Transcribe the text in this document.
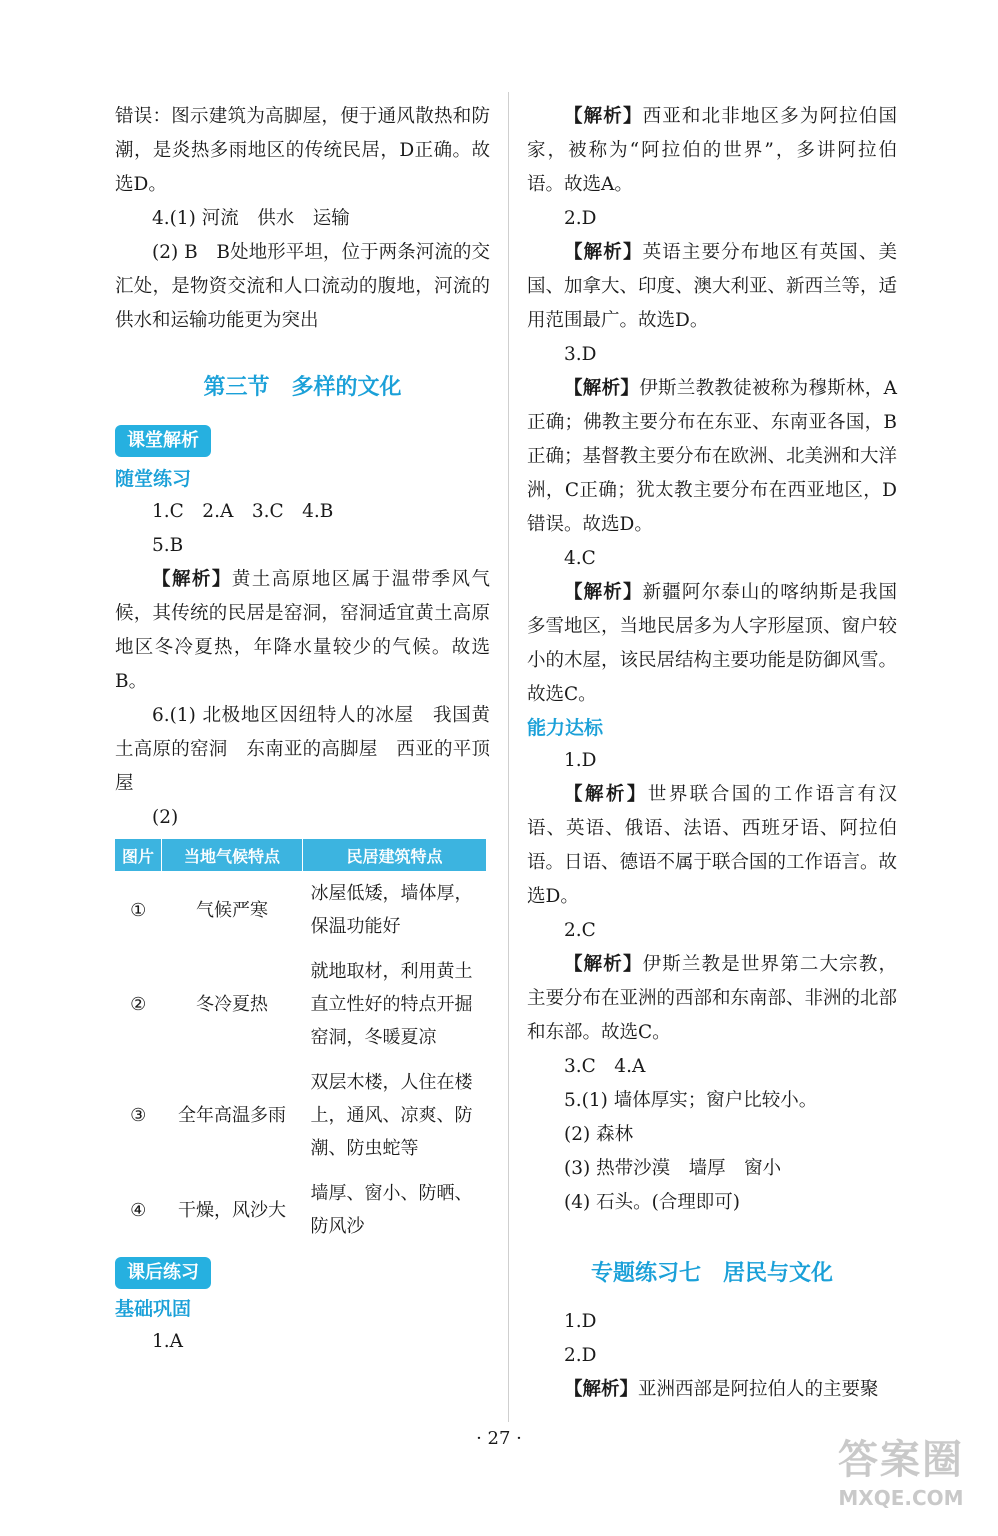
错误：图示建筑为高脚屋，便于通风散热和防潮，是炎热多雨地区的传统民居，D正确。故选D。

4.(1) 河流　供水　运输

(2) B　B处地形平坦，位于两条河流的交汇处，是物资交流和人口流动的腹地，河流的供水和运输功能更为突出

第三节　多样的文化
课堂解析
随堂练习

1.C　2.A　3.C　4.B

5.B

【解析】黄土高原地区属于温带季风气候，其传统的民居是窑洞，窑洞适宜黄土高原地区冬冷夏热，年降水量较少的气候。故选B。

6.(1) 北极地区因纽特人的冰屋　我国黄土高原的窑洞　东南亚的高脚屋　西亚的平顶屋

(2)

图片	当地气候特点	民居建筑特点
①	气候严寒	冰屋低矮，墙体厚，保温功能好
②	冬冷夏热	就地取材，利用黄土直立性好的特点开掘窑洞，冬暖夏凉
③	全年高温多雨	双层木楼，人住在楼上，通风、凉爽、防潮、防虫蛇等
④	干燥，风沙大	墙厚、窗小、防晒、防风沙
课后练习
基础巩固

1.A

【解析】西亚和北非地区多为阿拉伯国家，被称为“阿拉伯的世界”，多讲阿拉伯语。故选A。

2.D

【解析】英语主要分布地区有英国、美国、加拿大、印度、澳大利亚、新西兰等，适用范围最广。故选D。

3.D

【解析】伊斯兰教教徒被称为穆斯林，A正确；佛教主要分布在东亚、东南亚各国，B正确；基督教主要分布在欧洲、北美洲和大洋洲，C正确；犹太教主要分布在西亚地区，D错误。故选D。

4.C

【解析】新疆阿尔泰山的喀纳斯是我国多雪地区，当地民居多为人字形屋顶、窗户较小的木屋，该民居结构主要功能是防御风雪。故选C。

能力达标

1.D

【解析】世界联合国的工作语言有汉语、英语、俄语、法语、西班牙语、阿拉伯语。日语、德语不属于联合国的工作语言。故选D。

2.C

【解析】伊斯兰教是世界第二大宗教，主要分布在亚洲的西部和东南部、非洲的北部和东部。故选C。

3.C　4.A

5.(1) 墙体厚实；窗户比较小。

(2) 森林

(3) 热带沙漠　墙厚　窗小

(4) 石头。(合理即可)

专题练习七　居民与文化

1.D

2.D

【解析】亚洲西部是阿拉伯人的主要聚

· 27 ·	答案圈
MXQE.COM
